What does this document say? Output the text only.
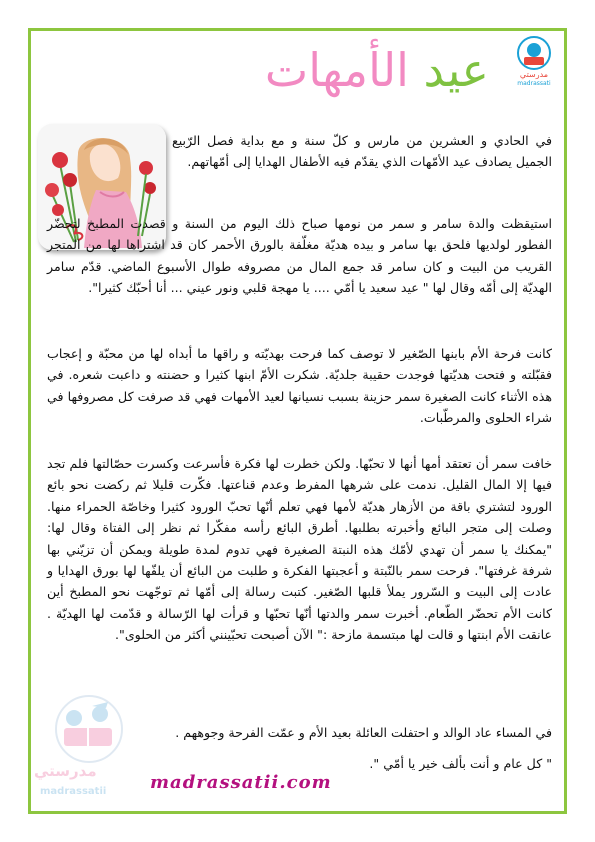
مدرستي
madrassati
عيد الأمهات

في الحادي و العشرين من مارس و كلّ سنة و مع بداية فصل الرّبيع الجميل يصادف عيد الأمّهات الذي يقدّم فيه الأطفال الهدايا إلى أمّهاتهم.

استيقظت والدة سامر و سمر من نومها صباح ذلك اليوم من السنة و قصدت المطبخ لتحضّر الفطور لولديها فلحق بها سامر و بيده هديّة مغلّفة بالورق الأحمر كان قد اشتراها لها من المتجر القريب من البيت و كان سامر قد جمع المال من مصروفه طوال الأسبوع الماضي. قدّم سامر الهديّة إلى أمّه وقال لها " عيد سعيد يا أمّي .... يا مهجة قلبي ونور عيني ... أنا أحبّك كثيرا".

كانت فرحة الأم بابنها الصّغير لا توصف كما فرحت بهديّته و راقها ما أبداه لها من محبّة و إعجاب فقبّلته و فتحت هديّتها فوجدت حقيبة جلديّة. شكرت الأمّ ابنها كثيرا و حضنته و داعبت شعره. في هذه الأثناء كانت الصغيرة سمر حزينة بسبب نسيانها لعيد الأمهات فهي قد صرفت كل مصروفها في شراء الحلوى والمرطّبات.

خافت سمر أن تعتقد أمها أنها لا تحبّها. ولكن خطرت لها فكرة فأسرعت وكسرت حصّالتها فلم تجد فيها إلا المال القليل. ندمت على شرهها المفرط وعدم قناعتها. فكّرت قليلا ثم ركضت نحو بائع الورود لتشتري باقة من الأزهار هديّة لأمها فهي تعلم أنّها تحبّ الورود كثيرا وخاصّة الحمراء منها. وصلت إلى متجر البائع وأخبرته بطلبها. أطرق البائع رأسه مفكّرا ثم نظر إلى الفتاة وقال لها: "يمكنك يا سمر أن تهدي لأمّك هذه النبتة الصغيرة فهي تدوم لمدة طويلة ويمكن أن تزيّني بها شرفة غرفتها". فرحت سمر بالنّبتة و أعجبتها الفكرة و طلبت من البائع أن يلفّها لها بورق الهدايا و عادت إلى البيت و السّرور يملأ قلبها الصّغير. كتبت رسالة إلى أمّها ثم توجّهت نحو المطبخ أين كانت الأم تحضّر الطّعام. أخبرت سمر والدتها أنّها تحبّها و قرأت لها الرّسالة و قدّمت لها الهديّة . عانقت الأم ابنتها و قالت لها مبتسمة مازحة :" الآن أصبحت تحبّينني أكثر من الحلوى".

في المساء عاد الوالد و احتفلت العائلة بعيد الأم و عمّت الفرحة وجوههم .

" كل عام و أنت بألف خير يا أمّي ".

مدرستي
madrassatii madrassatii.com
